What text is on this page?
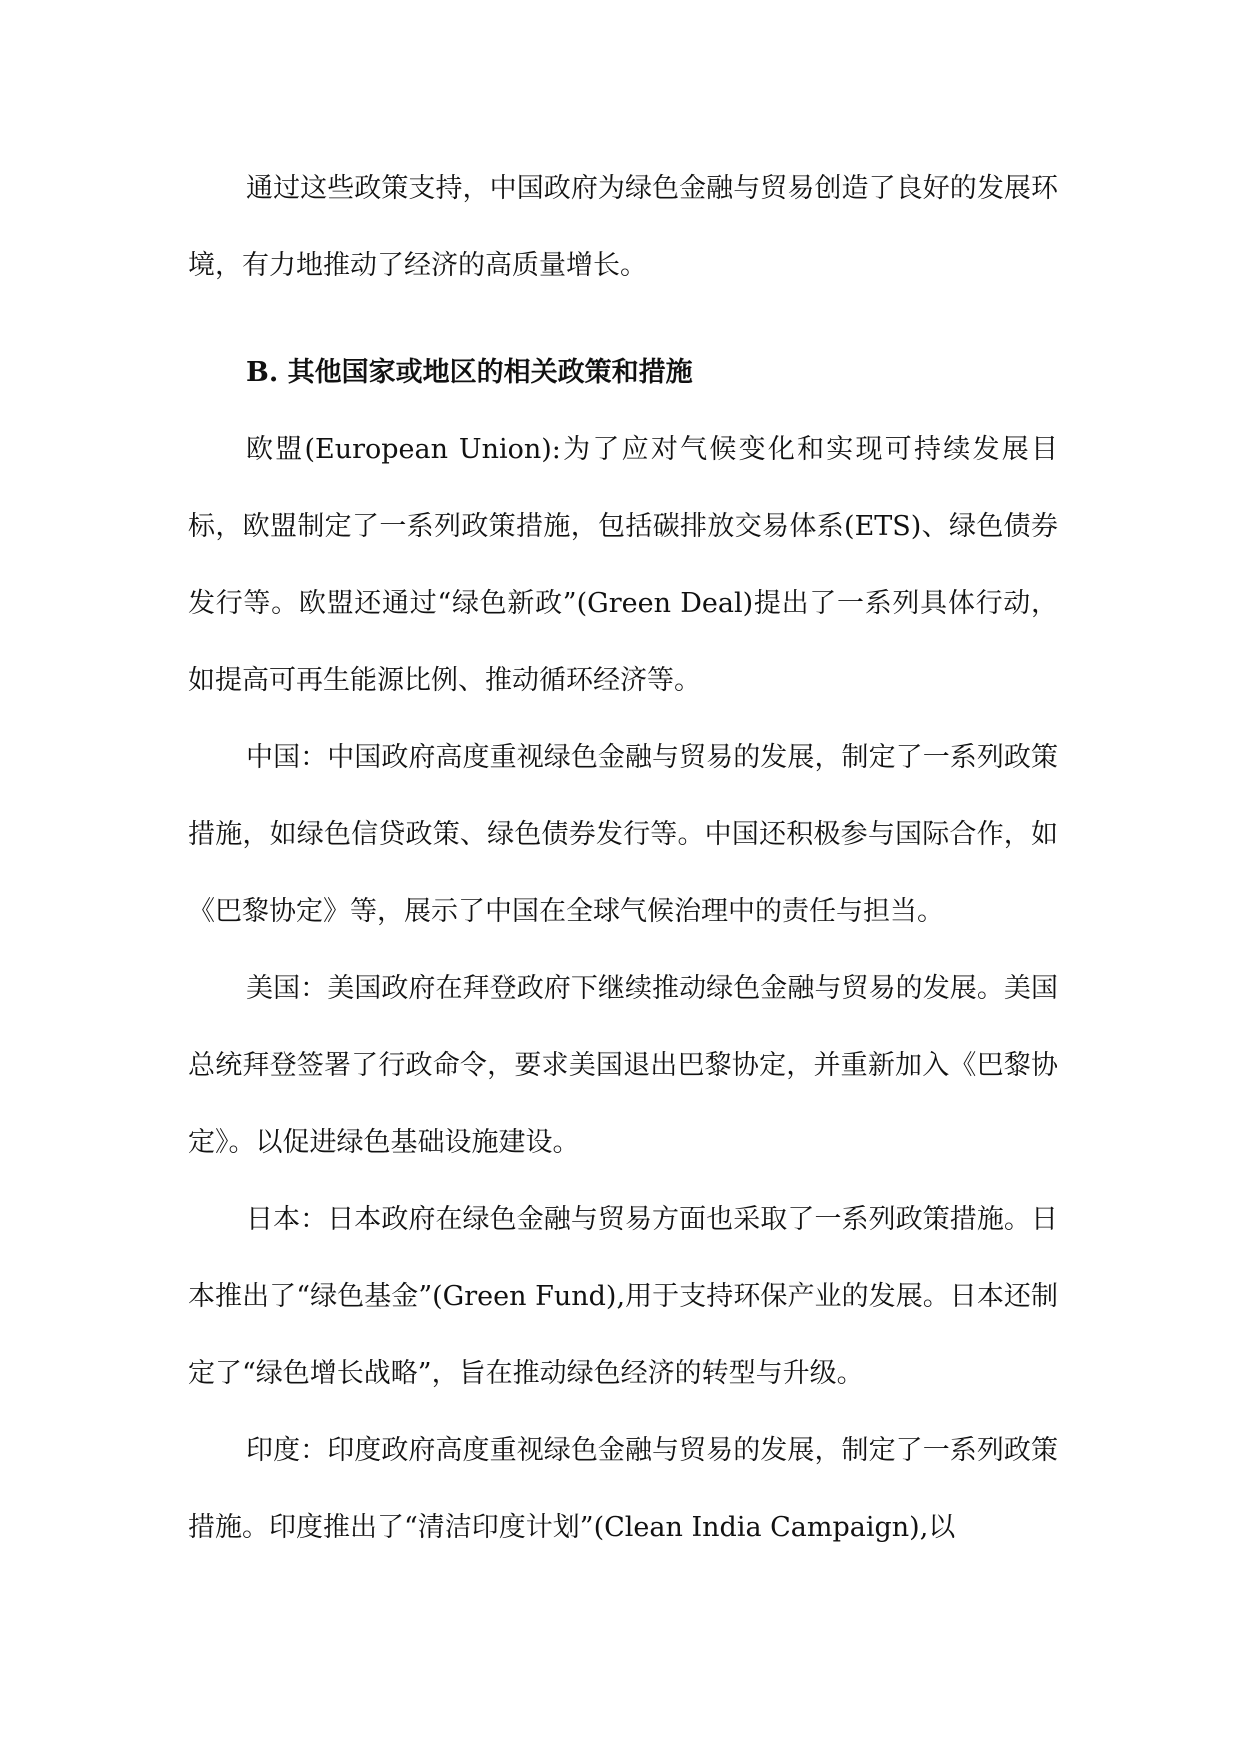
通过这些政策支持，中国政府为绿色金融与贸易创造了良好的发展环境，有力地推动了经济的高质量增长。

B. 其他国家或地区的相关政策和措施

欧盟(European Union):为了应对气候变化和实现可持续发展目标，欧盟制定了一系列政策措施，包括碳排放交易体系(ETS)、绿色债券发行等。欧盟还通过“绿色新政”(Green Deal)提出了一系列具体行动，如提高可再生能源比例、推动循环经济等。

中国：中国政府高度重视绿色金融与贸易的发展，制定了一系列政策措施，如绿色信贷政策、绿色债券发行等。中国还积极参与国际合作，如《巴黎协定》等，展示了中国在全球气候治理中的责任与担当。

美国：美国政府在拜登政府下继续推动绿色金融与贸易的发展。美国总统拜登签署了行政命令，要求美国退出巴黎协定，并重新加入《巴黎协定》。以促进绿色基础设施建设。

日本：日本政府在绿色金融与贸易方面也采取了一系列政策措施。日本推出了“绿色基金”(Green Fund),用于支持环保产业的发展。日本还制定了“绿色增长战略”，旨在推动绿色经济的转型与升级。

印度：印度政府高度重视绿色金融与贸易的发展，制定了一系列政策措施。印度推出了“清洁印度计划”(Clean India Campaign),以
